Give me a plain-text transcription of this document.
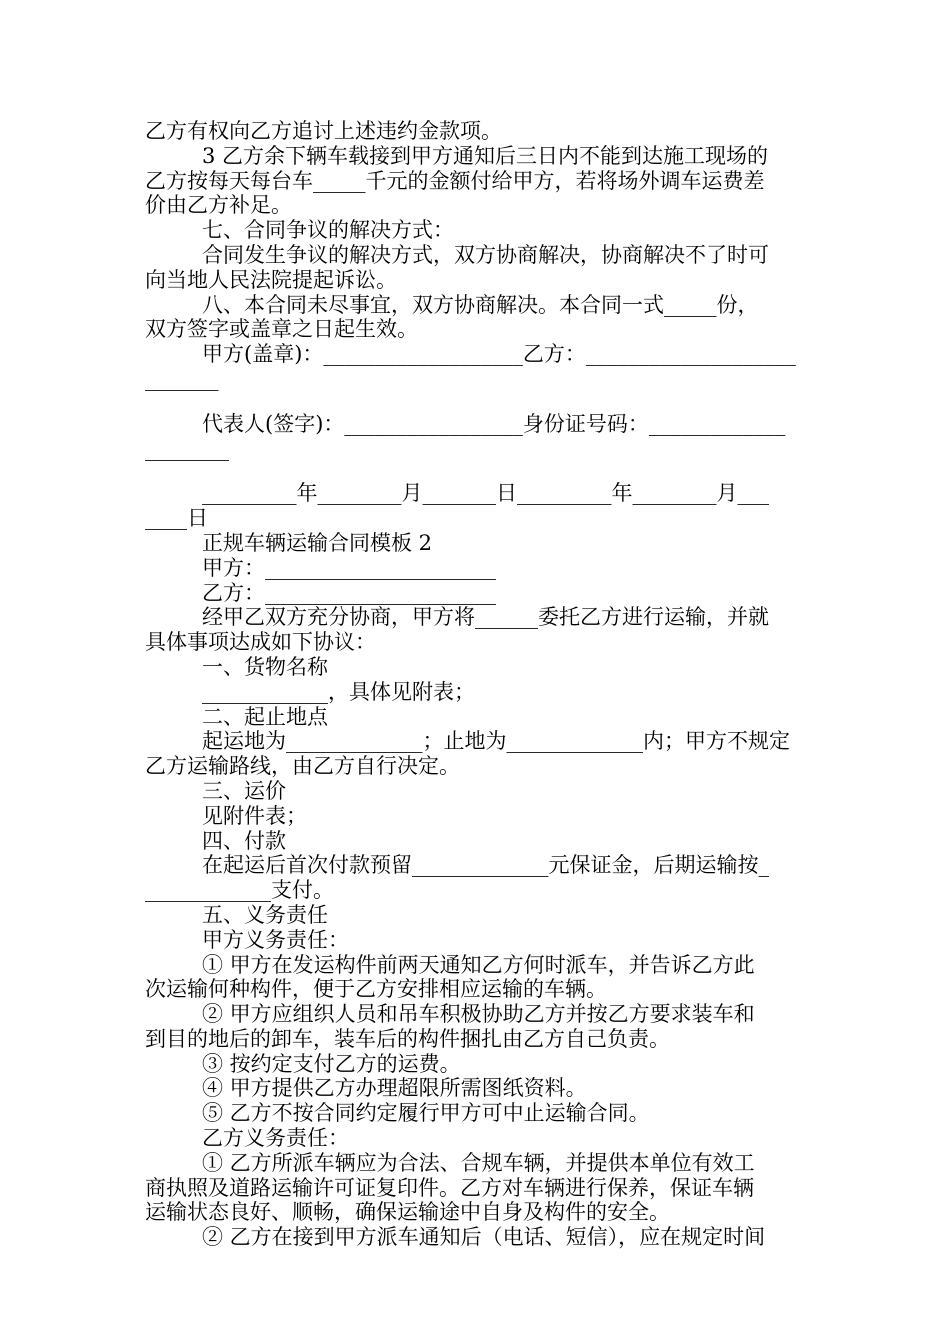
乙方有权向乙方追讨上述违约金款项。
3 乙方余下辆车载接到甲方通知后三日内不能到达施工现场的
乙方按每天每台车_____千元的金额付给甲方，若将场外调车运费差
价由乙方补足。
七、合同争议的解决方式：
合同发生争议的解决方式，双方协商解决，协商解决不了时可
向当地人民法院提起诉讼。
八、本合同未尽事宜，双方协商解决。本合同一式_____份，
双方签字或盖章之日起生效。
甲方(盖章)：___________________乙方：____________________
_______
代表人(签字)：_________________身份证号码：_____________
________
_________年________月_______日_________年________月___
____日
正规车辆运输合同模板 2
甲方：______________________
乙方：______________________
经甲乙双方充分协商，甲方将______委托乙方进行运输，并就
具体事项达成如下协议：
一、货物名称
____________，具体见附表；
二、起止地点
起运地为_____________；止地为_____________内；甲方不规定
乙方运输路线，由乙方自行决定。
三、运价
见附件表；
四、付款
在起运后首次付款预留_____________元保证金，后期运输按_
____________支付。
五、义务责任
甲方义务责任：
① 甲方在发运构件前两天通知乙方何时派车，并告诉乙方此
次运输何种构件，便于乙方安排相应运输的车辆。
② 甲方应组织人员和吊车积极协助乙方并按乙方要求装车和
到目的地后的卸车，装车后的构件捆扎由乙方自己负责。
③ 按约定支付乙方的运费。
④ 甲方提供乙方办理超限所需图纸资料。
⑤ 乙方不按合同约定履行甲方可中止运输合同。
乙方义务责任：
① 乙方所派车辆应为合法、合规车辆，并提供本单位有效工
商执照及道路运输许可证复印件。乙方对车辆进行保养，保证车辆
运输状态良好、顺畅，确保运输途中自身及构件的安全。
② 乙方在接到甲方派车通知后（电话、短信），应在规定时间
